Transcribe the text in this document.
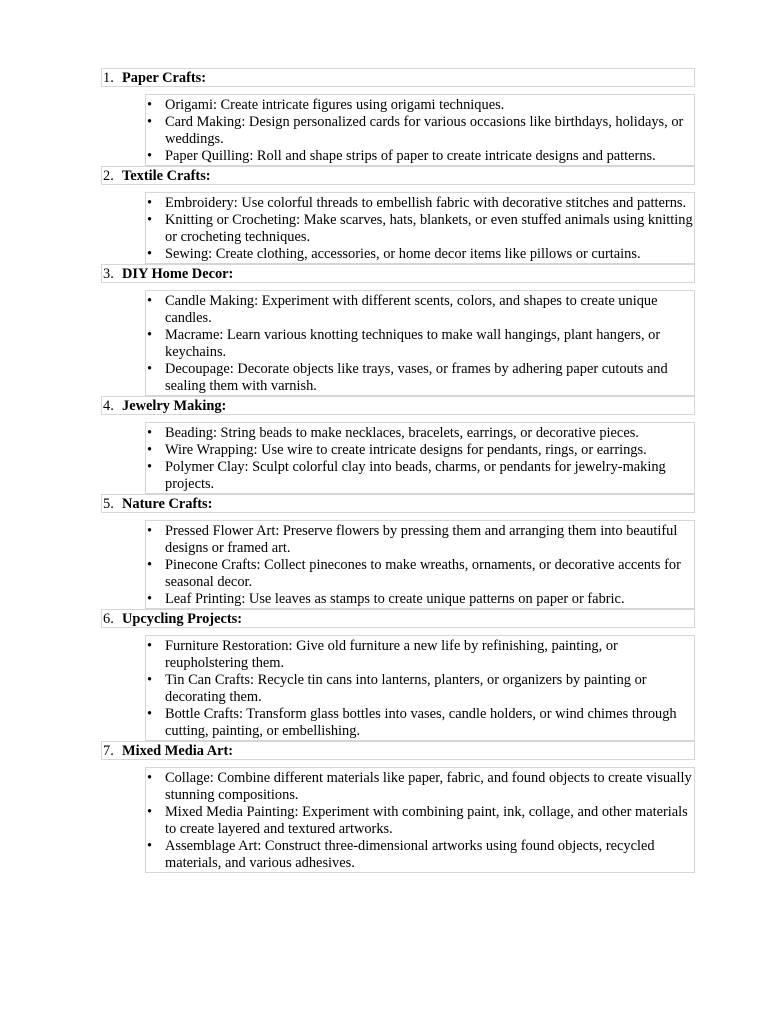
1. Paper Crafts:
• Origami: Create intricate figures using origami techniques.
• Card Making: Design personalized cards for various occasions like birthdays, holidays, or weddings.
• Paper Quilling: Roll and shape strips of paper to create intricate designs and patterns.
2. Textile Crafts:
• Embroidery: Use colorful threads to embellish fabric with decorative stitches and patterns.
• Knitting or Crocheting: Make scarves, hats, blankets, or even stuffed animals using knitting or crocheting techniques.
• Sewing: Create clothing, accessories, or home decor items like pillows or curtains.
3. DIY Home Decor:
• Candle Making: Experiment with different scents, colors, and shapes to create unique candles.
• Macrame: Learn various knotting techniques to make wall hangings, plant hangers, or keychains.
• Decoupage: Decorate objects like trays, vases, or frames by adhering paper cutouts and sealing them with varnish.
4. Jewelry Making:
• Beading: String beads to make necklaces, bracelets, earrings, or decorative pieces.
• Wire Wrapping: Use wire to create intricate designs for pendants, rings, or earrings.
• Polymer Clay: Sculpt colorful clay into beads, charms, or pendants for jewelry-making projects.
5. Nature Crafts:
• Pressed Flower Art: Preserve flowers by pressing them and arranging them into beautiful designs or framed art.
• Pinecone Crafts: Collect pinecones to make wreaths, ornaments, or decorative accents for seasonal decor.
• Leaf Printing: Use leaves as stamps to create unique patterns on paper or fabric.
6. Upcycling Projects:
• Furniture Restoration: Give old furniture a new life by refinishing, painting, or reupholstering them.
• Tin Can Crafts: Recycle tin cans into lanterns, planters, or organizers by painting or decorating them.
• Bottle Crafts: Transform glass bottles into vases, candle holders, or wind chimes through cutting, painting, or embellishing.
7. Mixed Media Art:
• Collage: Combine different materials like paper, fabric, and found objects to create visually stunning compositions.
• Mixed Media Painting: Experiment with combining paint, ink, collage, and other materials to create layered and textured artworks.
• Assemblage Art: Construct three-dimensional artworks using found objects, recycled materials, and various adhesives.
